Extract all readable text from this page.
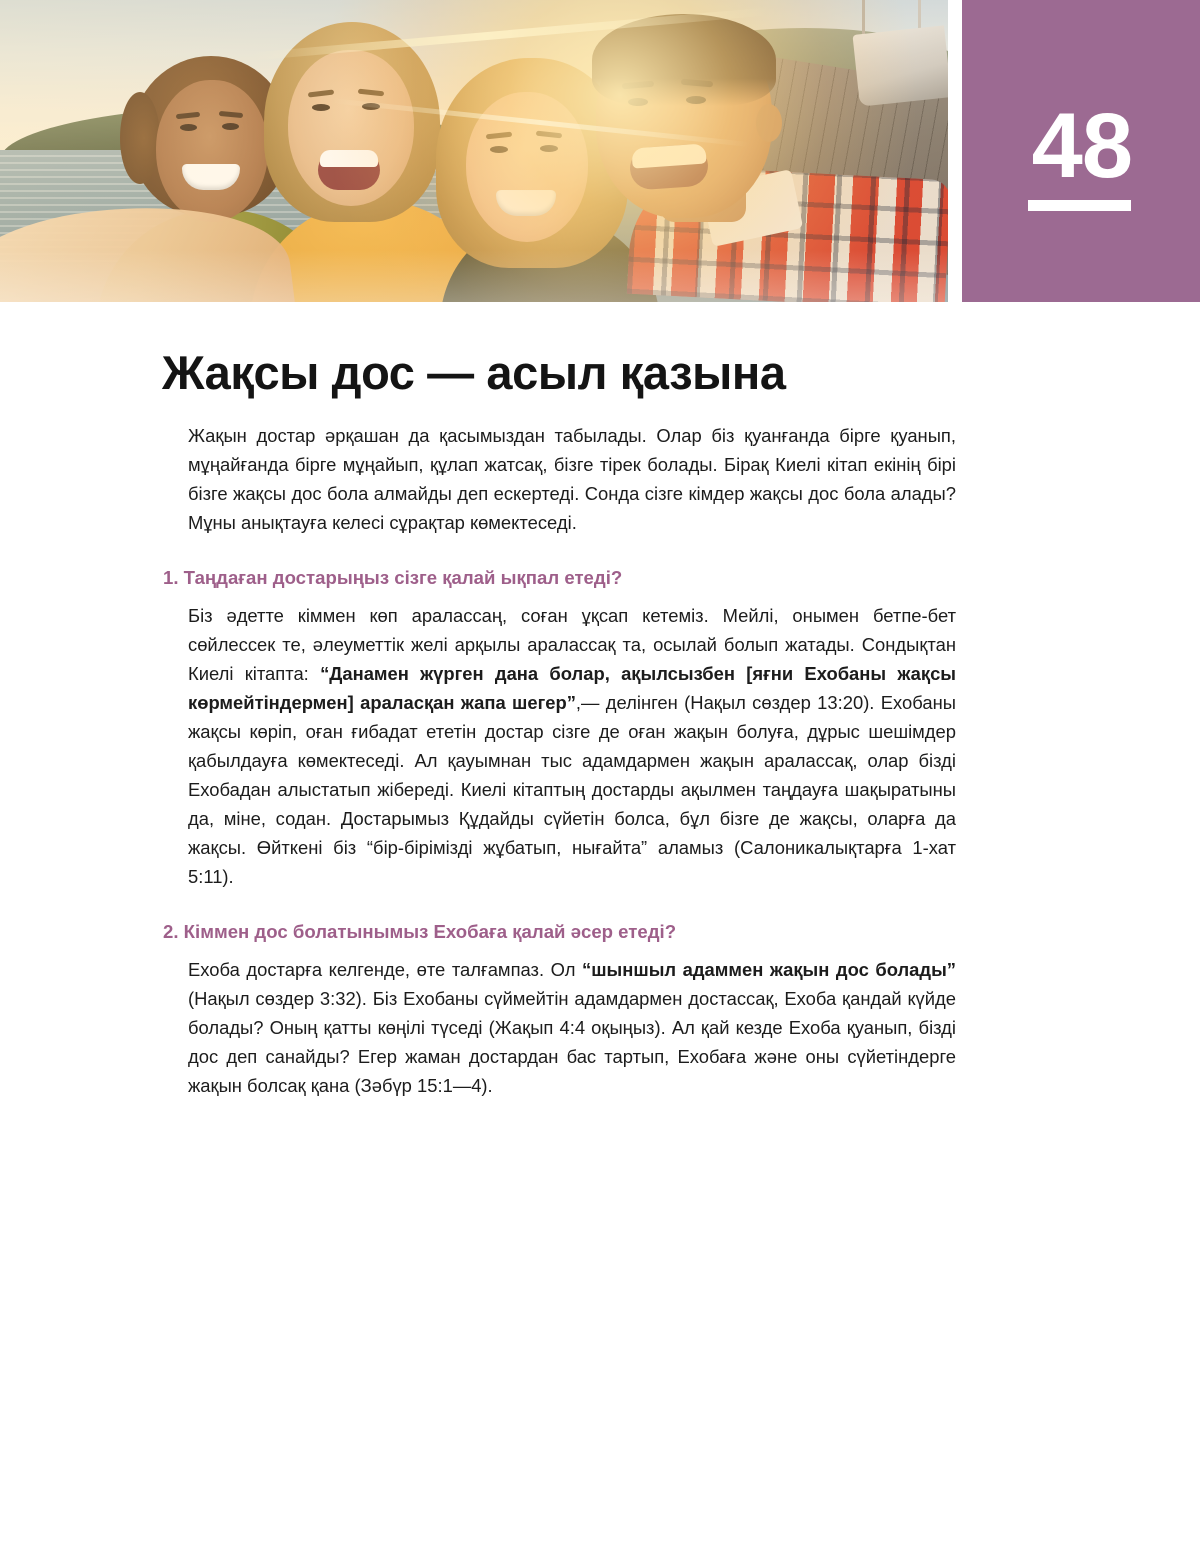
48
Жақсы дос — асыл қазына

Жақын достар әрқашан да қасымыздан табылады. Олар біз қуанғанда бірге қуанып, мұңайғанда бірге мұңайып, құлап жатсақ, бізге тірек болады. Бірақ Киелі кітап екінің бірі бізге жақсы дос бола алмайды деп ескертеді. Сонда сізге кімдер жақсы дос бола алады? Мұны анықтауға келесі сұрақтар көмектеседі.

1. Таңдаған достарыңыз сізге қалай ықпал етеді?

Біз әдетте кіммен көп аралассаң, соған ұқсап кетеміз. Мейлі, онымен бетпе-бет сөйлессек те, әлеуметтік желі арқылы аралассақ та, осылай болып жатады. Сондықтан Киелі кітапта: “Данамен жүрген дана болар, ақылсызбен [яғни Ехобаны жақсы көрмейтіндермен] араласқан жапа шегер”,— делінген (Нақыл сөздер 13:20). Ехобаны жақсы көріп, оған ғибадат ететін достар сізге де оған жақын болуға, дұрыс шешімдер қабылдауға көмектеседі. Ал қауымнан тыс адамдармен жақын аралассақ, олар бізді Ехобадан алыстатып жібереді. Киелі кітаптың достарды ақылмен таңдауға шақыратыны да, міне, содан. Достарымыз Құдайды сүйетін болса, бұл бізге де жақсы, оларға да жақсы. Өйткені біз “бір-бірімізді жұбатып, нығайта” аламыз (Салоникалықтарға 1-хат 5:11).

2. Кіммен дос болатынымыз Ехобаға қалай әсер етеді?

Ехоба достарға келгенде, өте талғампаз. Ол “шыншыл адаммен жақын дос болады” (Нақыл сөздер 3:32). Біз Ехобаны сүймейтін адамдармен достассақ, Ехоба қандай күйде болады? Оның қатты көңілі түседі (Жақып 4:4 оқыңыз). Ал қай кезде Ехоба қуанып, бізді дос деп санайды? Егер жаман достардан бас тартып, Ехобаға және оны сүйетіндерге жақын болсақ қана (Зәбүр 15:1—4).
